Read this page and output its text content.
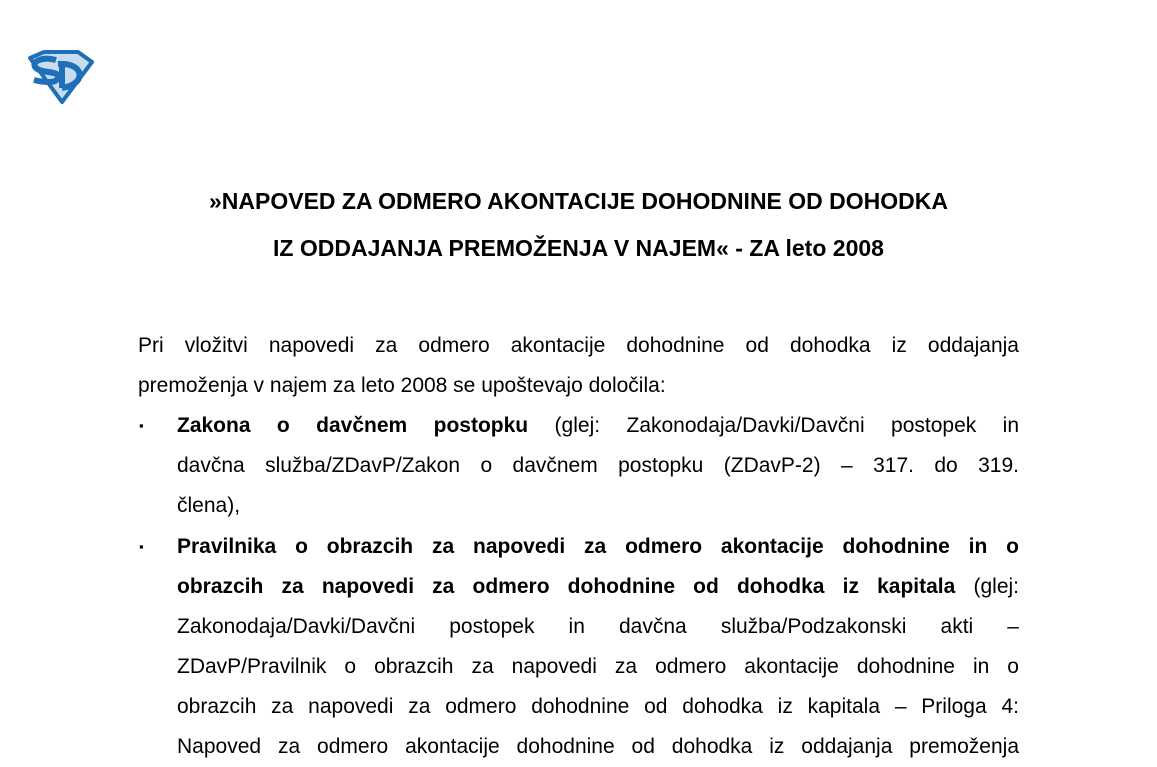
»NAPOVED ZA ODMERO AKONTACIJE DOHODNINE OD DOHODKA
IZ ODDAJANJA PREMOŽENJA V NAJEM« - ZA leto 2008
Pri vložitvi napovedi za odmero akontacije dohodnine od dohodka iz oddajanja
premoženja v najem za leto 2008 se upoštevajo določila:
▪ Zakona o davčnem postopku (glej: Zakonodaja/Davki/Davčni postopek in
davčna služba/ZDavP/Zakon o davčnem postopku (ZDavP-2) – 317. do 319.
člena),
▪ Pravilnika o obrazcih za napovedi za odmero akontacije dohodnine in o
obrazcih za napovedi za odmero dohodnine od dohodka iz kapitala (glej:
Zakonodaja/Davki/Davčni postopek in davčna služba/Podzakonski akti –
ZDavP/Pravilnik o obrazcih za napovedi za odmero akontacije dohodnine in o
obrazcih za napovedi za odmero dohodnine od dohodka iz kapitala – Priloga 4:
Napoved za odmero akontacije dohodnine od dohodka iz oddajanja premoženja
